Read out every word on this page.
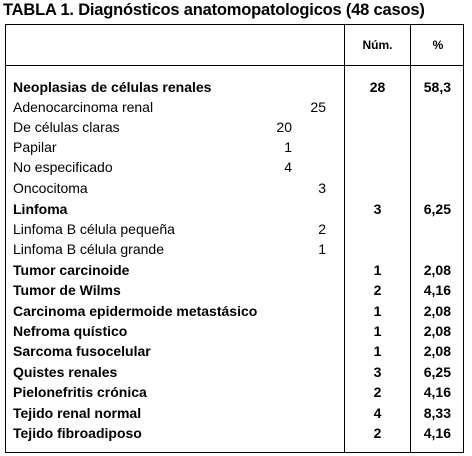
TABLA 1. Diagnósticos anatomopatologicos (48 casos)
Núm.	%
Neoplasias de células renales	28	58,3
Adenocarcinoma renal	25
De células claras	20
Papilar	1
No especificado	4
Oncocitoma	3
Linfoma	3	6,25
Linfoma B célula pequeña	2
Linfoma B célula grande	1
Tumor carcinoide	1	2,08
Tumor de Wilms	2	4,16
Carcinoma epidermoide metastásico	1	2,08
Nefroma quístico	1	2,08
Sarcoma fusocelular	1	2,08
Quistes renales	3	6,25
Pielonefritis crónica	2	4,16
Tejido renal normal	4	8,33
Tejido fibroadiposo	2	4,16
